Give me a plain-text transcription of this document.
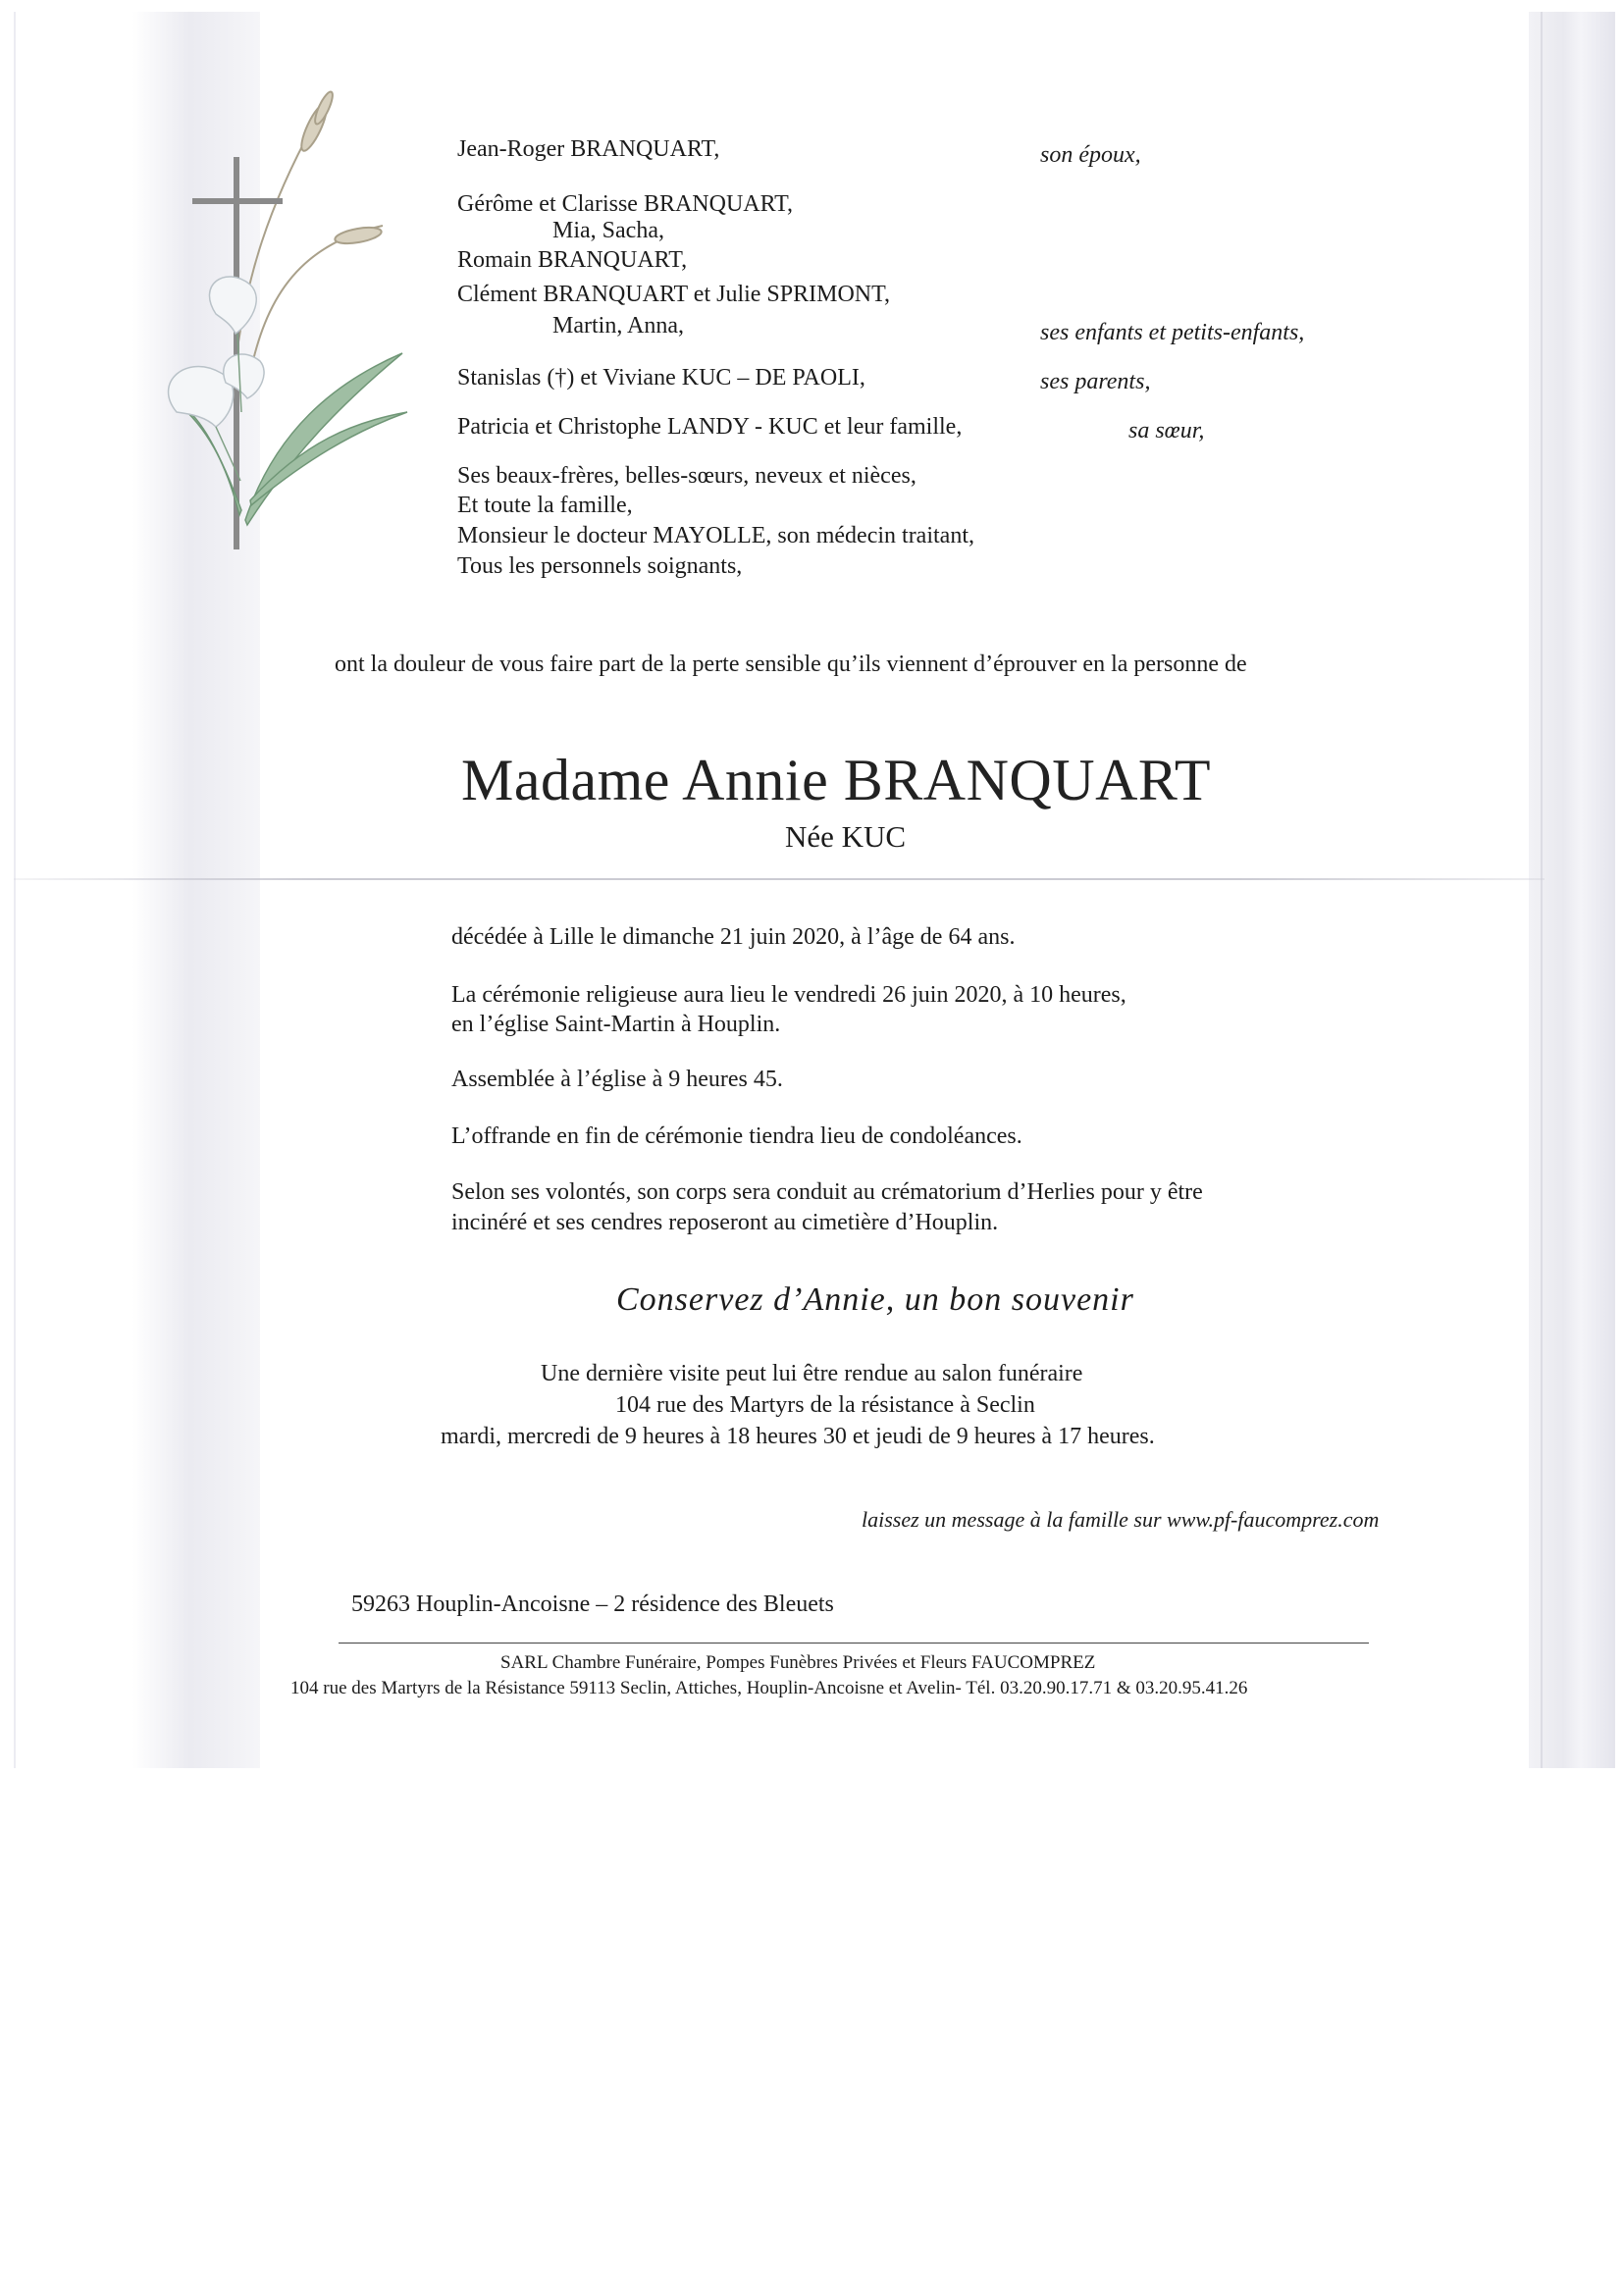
Jean-Roger BRANQUART,	son époux,
Gérôme et Clarisse BRANQUART,
Mia, Sacha,
Romain BRANQUART,
Clément BRANQUART et Julie SPRIMONT,
Martin, Anna,	ses enfants et petits-enfants,
Stanislas (†) et Viviane KUC – DE PAOLI,	ses parents,
Patricia et Christophe LANDY - KUC et leur famille,	sa sœur,
Ses beaux-frères, belles-sœurs, neveux et nièces,
Et toute la famille,
Monsieur le docteur MAYOLLE, son médecin traitant,
Tous les personnels soignants,
ont la douleur de vous faire part de la perte sensible qu’ils viennent d’éprouver en la personne de
Madame Annie BRANQUART
Née KUC
décédée à Lille le dimanche 21 juin 2020, à l’âge de 64 ans.
La cérémonie religieuse aura lieu le vendredi 26 juin 2020, à 10 heures,
en l’église Saint-Martin à Houplin.
Assemblée à l’église à 9 heures 45.
L’offrande en fin de cérémonie tiendra lieu de condoléances.
Selon ses volontés, son corps sera conduit au crématorium d’Herlies pour y être
incinéré et ses cendres reposeront au cimetière d’Houplin.
Conservez d’Annie, un bon souvenir
Une dernière visite peut lui être rendue au salon funéraire
104 rue des Martyrs de la résistance à Seclin
mardi, mercredi de 9 heures à 18 heures 30 et jeudi de 9 heures à 17 heures.
laissez un message à la famille sur www.pf-faucomprez.com
59263 Houplin-Ancoisne – 2 résidence des Bleuets
SARL Chambre Funéraire, Pompes Funèbres Privées et Fleurs FAUCOMPREZ
104 rue des Martyrs de la Résistance 59113 Seclin, Attiches, Houplin-Ancoisne et Avelin- Tél. 03.20.90.17.71 & 03.20.95.41.26
